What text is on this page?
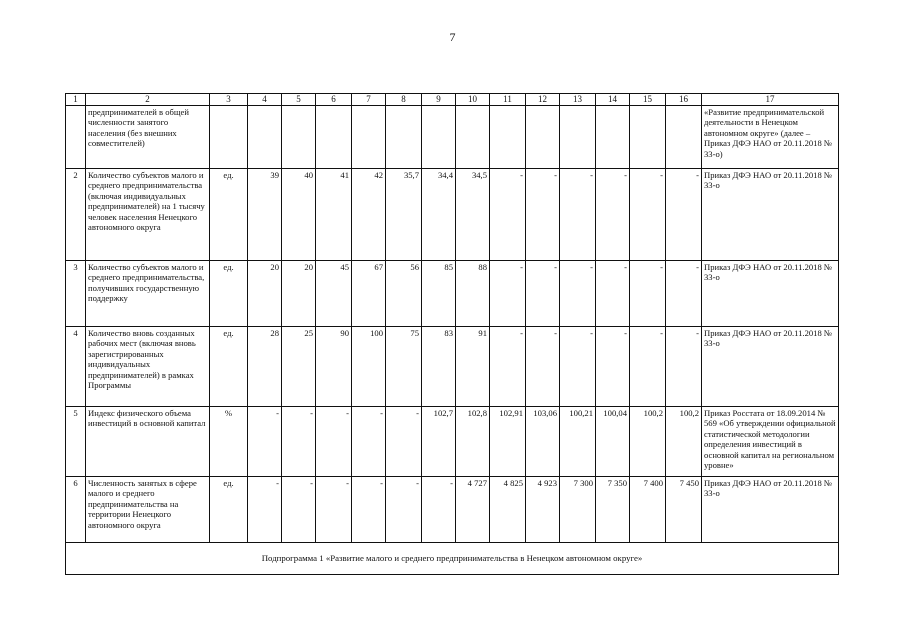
7
1	2	3	4	5	6	7	8	9	10	11	12	13	14	15	16	17
	предпринимателей в общей численности занятого населения (без внешних совместителей)															«Развитие предпринимательской деятельности в Ненецком автономном округе» (далее – Приказ ДФЭ НАО от 20.11.2018 № 33-о)
2	Количество субъектов малого и среднего предпринимательства (включая индивидуальных предпринимателей) на 1 тысячу человек населения Ненецкого автономного округа	ед.	39	40	41	42	35,7	34,4	34,5	-	-	-	-	-	-	Приказ ДФЭ НАО от 20.11.2018 № 33-о
3	Количество субъектов малого и среднего предпринимательства, получивших государственную поддержку	ед.	20	20	45	67	56	85	88	-	-	-	-	-	-	Приказ ДФЭ НАО от 20.11.2018 № 33-о
4	Количество вновь созданных рабочих мест (включая вновь зарегистрированных индивидуальных предпринимателей) в рамках Программы	ед.	28	25	90	100	75	83	91	-	-	-	-	-	-	Приказ ДФЭ НАО от 20.11.2018 № 33-о
5	Индекс физического объема инвестиций в основной капитал	%	-	-	-	-	-	102,7	102,8	102,91	103,06	100,21	100,04	100,2	100,2	Приказ Росстата от 18.09.2014 № 569 «Об утверждении официальной статистической методологии определения инвестиций в основной капитал на региональном уровне»
6	Численность занятых в сфере малого и среднего предпринимательства на территории Ненецкого автономного округа	ед.	-	-	-	-	-	-	4 727	4 825	4 923	7 300	7 350	7 400	7 450	Приказ ДФЭ НАО от 20.11.2018 № 33-о
Подпрограмма 1 «Развитие малого и среднего предпринимательства в Ненецком автономном округе»																
